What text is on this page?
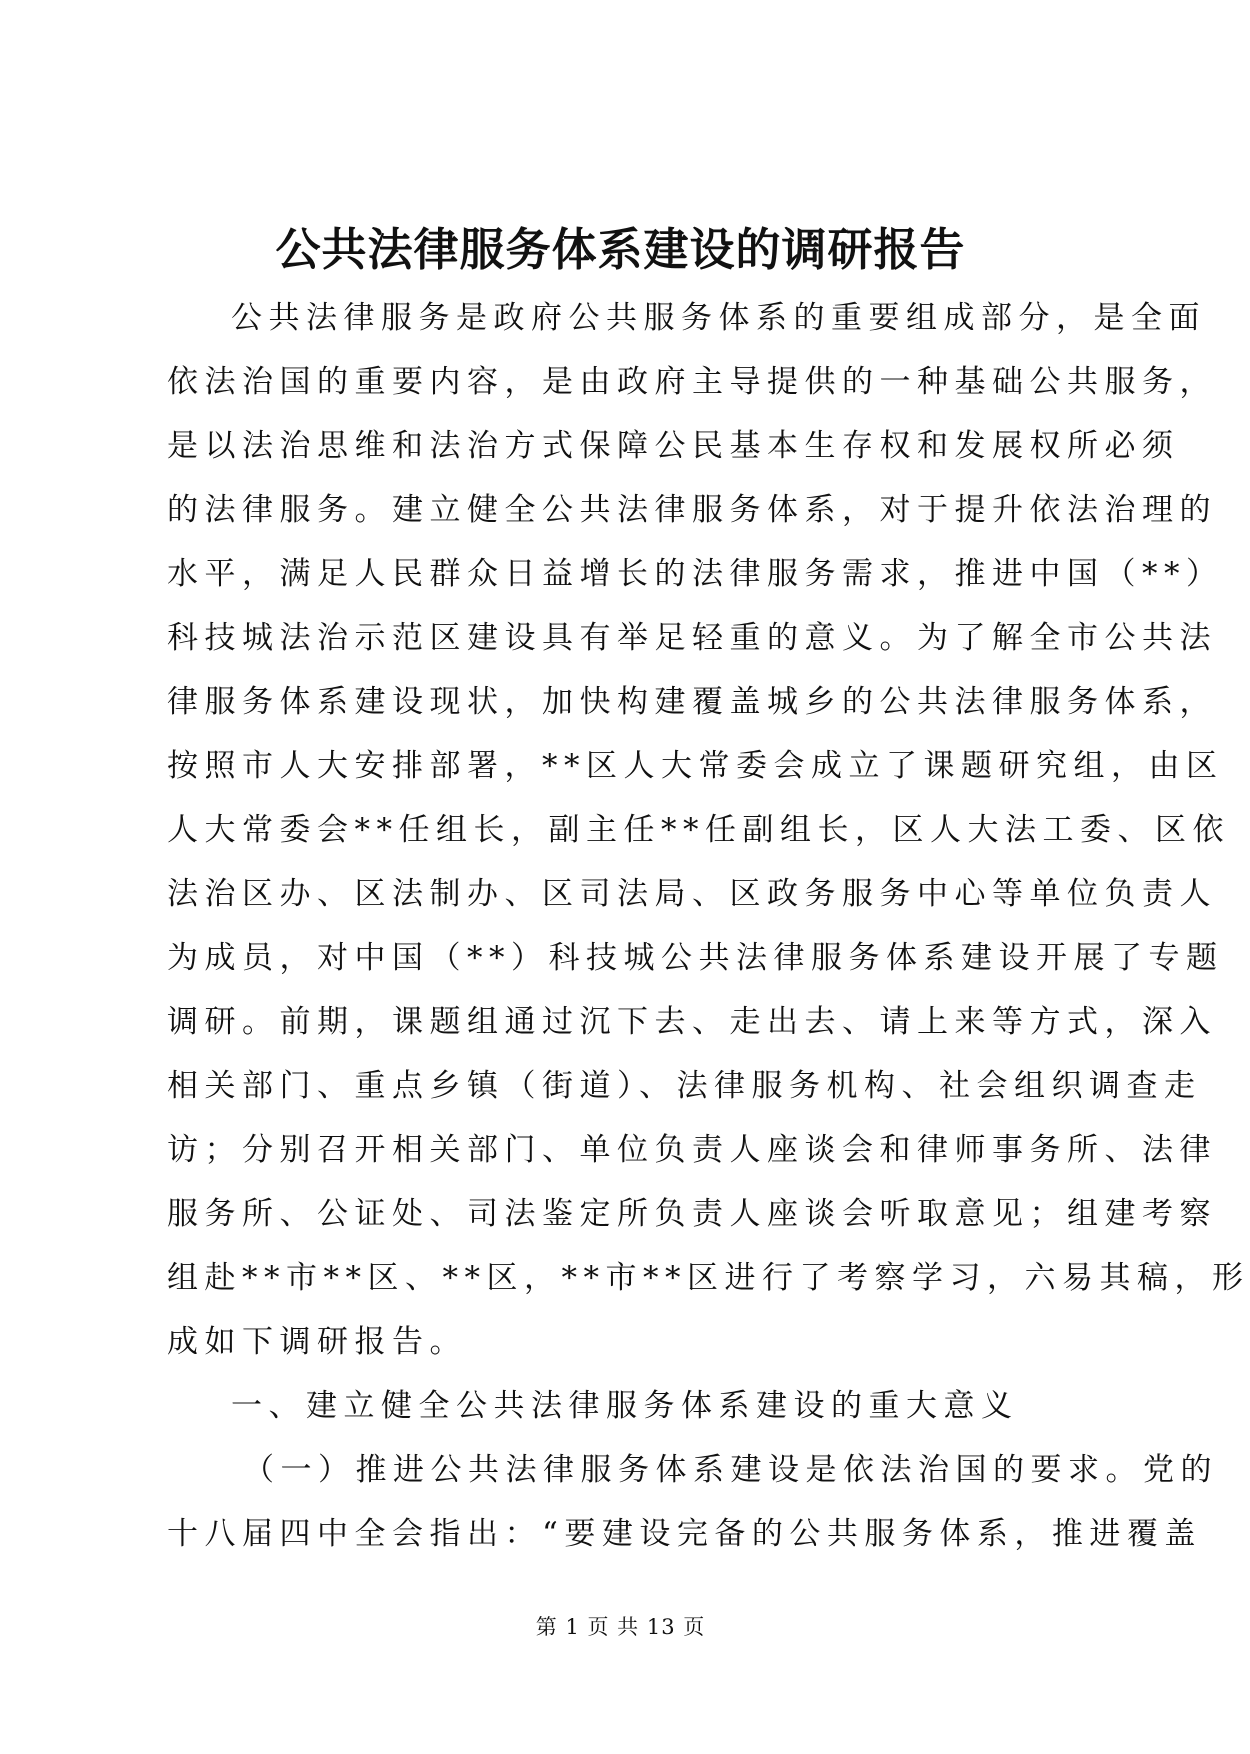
公共法律服务体系建设的调研报告
公共法律服务是政府公共服务体系的重要组成部分，是全面
依法治国的重要内容，是由政府主导提供的一种基础公共服务，
是以法治思维和法治方式保障公民基本生存权和发展权所必须
的法律服务。建立健全公共法律服务体系，对于提升依法治理的
水平，满足人民群众日益增长的法律服务需求，推进中国（**）
科技城法治示范区建设具有举足轻重的意义。为了解全市公共法
律服务体系建设现状，加快构建覆盖城乡的公共法律服务体系，
按照市人大安排部署，**区人大常委会成立了课题研究组，由区
人大常委会**任组长，副主任**任副组长，区人大法工委、区依
法治区办、区法制办、区司法局、区政务服务中心等单位负责人
为成员，对中国（**）科技城公共法律服务体系建设开展了专题
调研。前期，课题组通过沉下去、走出去、请上来等方式，深入
相关部门、重点乡镇（街道）、法律服务机构、社会组织调查走
访；分别召开相关部门、单位负责人座谈会和律师事务所、法律
服务所、公证处、司法鉴定所负责人座谈会听取意见；组建考察
组赴**市**区、**区，**市**区进行了考察学习，六易其稿，形
成如下调研报告。
一、建立健全公共法律服务体系建设的重大意义
（一）推进公共法律服务体系建设是依法治国的要求。党的
十八届四中全会指出：“要建设完备的公共服务体系，推进覆盖
第 1 页 共 13 页
